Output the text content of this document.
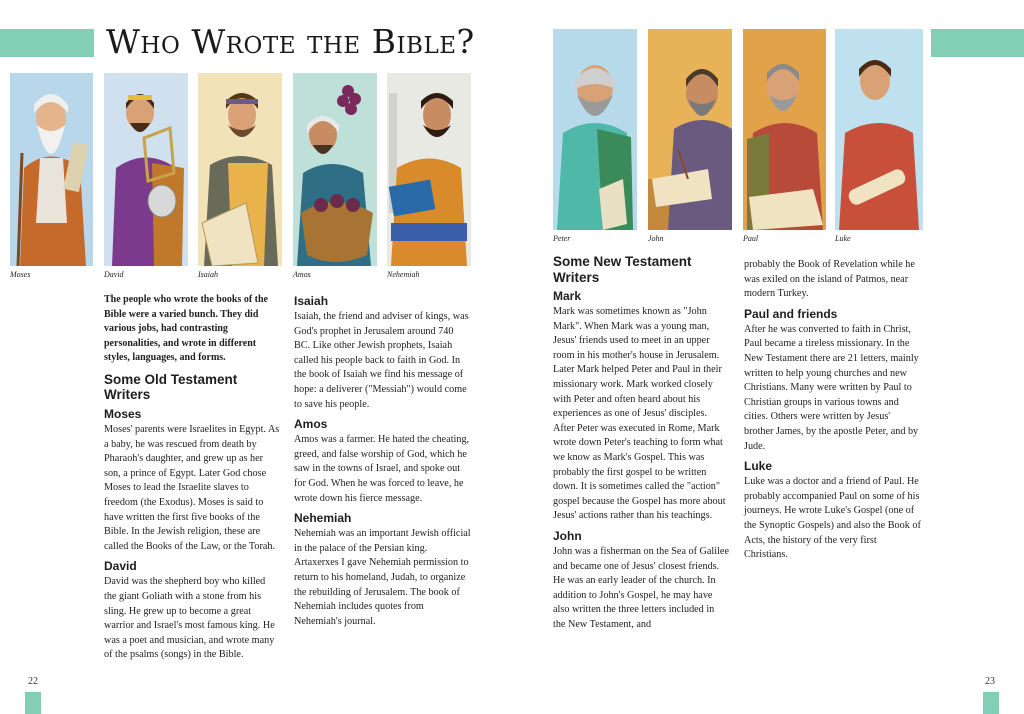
Who Wrote the Bible?
Moses	David	Isaiah	Amos	Nehemiah
Peter	John	Paul	Luke

The people who wrote the books of the Bible were a varied bunch. They did various jobs, had contrasting personalities, and wrote in different styles, languages, and forms.

Some Old Testament Writers
Moses

Moses' parents were Israelites in Egypt. As a baby, he was rescued from death by Pharaoh's daughter, and grew up as her son, a prince of Egypt. Later God chose Moses to lead the Israelite slaves to freedom (the Exodus). Moses is said to have written the first five books of the Bible. In the Jewish religion, these are called the Books of the Law, or the Torah.

David

David was the shepherd boy who killed the giant Goliath with a stone from his sling. He grew up to become a great warrior and Israel's most famous king. He was a poet and musician, and wrote many of the psalms (songs) in the Bible.

Isaiah

Isaiah, the friend and adviser of kings, was God's prophet in Jerusalem around 740 BC. Like other Jewish prophets, Isaiah called his people back to faith in God. In the book of Isaiah we find his message of hope: a deliverer ("Messiah") would come to save his people.

Amos

Amos was a farmer. He hated the cheating, greed, and false worship of God, which he saw in the towns of Israel, and spoke out for God. When he was forced to leave, he wrote down his fierce message.

Nehemiah

Nehemiah was an important Jewish official in the palace of the Persian king. Artaxerxes I gave Nehemiah permission to return to his homeland, Judah, to organize the rebuilding of Jerusalem. The book of Nehemiah includes quotes from Nehemiah's journal.

Some New Testament Writers
Mark

Mark was sometimes known as "John Mark". When Mark was a young man, Jesus' friends used to meet in an upper room in his mother's house in Jerusalem. Later Mark helped Peter and Paul in their missionary work. Mark worked closely with Peter and often heard about his experiences as one of Jesus' disciples. After Peter was executed in Rome, Mark wrote down Peter's teaching to form what we know as Mark's Gospel. This was probably the first gospel to be written down. It is sometimes called the "action" gospel because the Gospel has more about Jesus' actions rather than his teachings.

John

John was a fisherman on the Sea of Galilee and became one of Jesus' closest friends. He was an early leader of the church. In addition to John's Gospel, he may have also written the three letters included in the New Testament, and

probably the Book of Revelation while he was exiled on the island of Patmos, near modern Turkey.

Paul and friends

After he was converted to faith in Christ, Paul became a tireless missionary. In the New Testament there are 21 letters, mainly written to help young churches and new Christians. Many were written by Paul to Christian groups in various towns and cities. Others were written by Jesus' brother James, by the apostle Peter, and by Jude.

Luke

Luke was a doctor and a friend of Paul. He probably accompanied Paul on some of his journeys. He wrote Luke's Gospel (one of the Synoptic Gospels) and also the Book of Acts, the history of the very first Christians.

22	23
